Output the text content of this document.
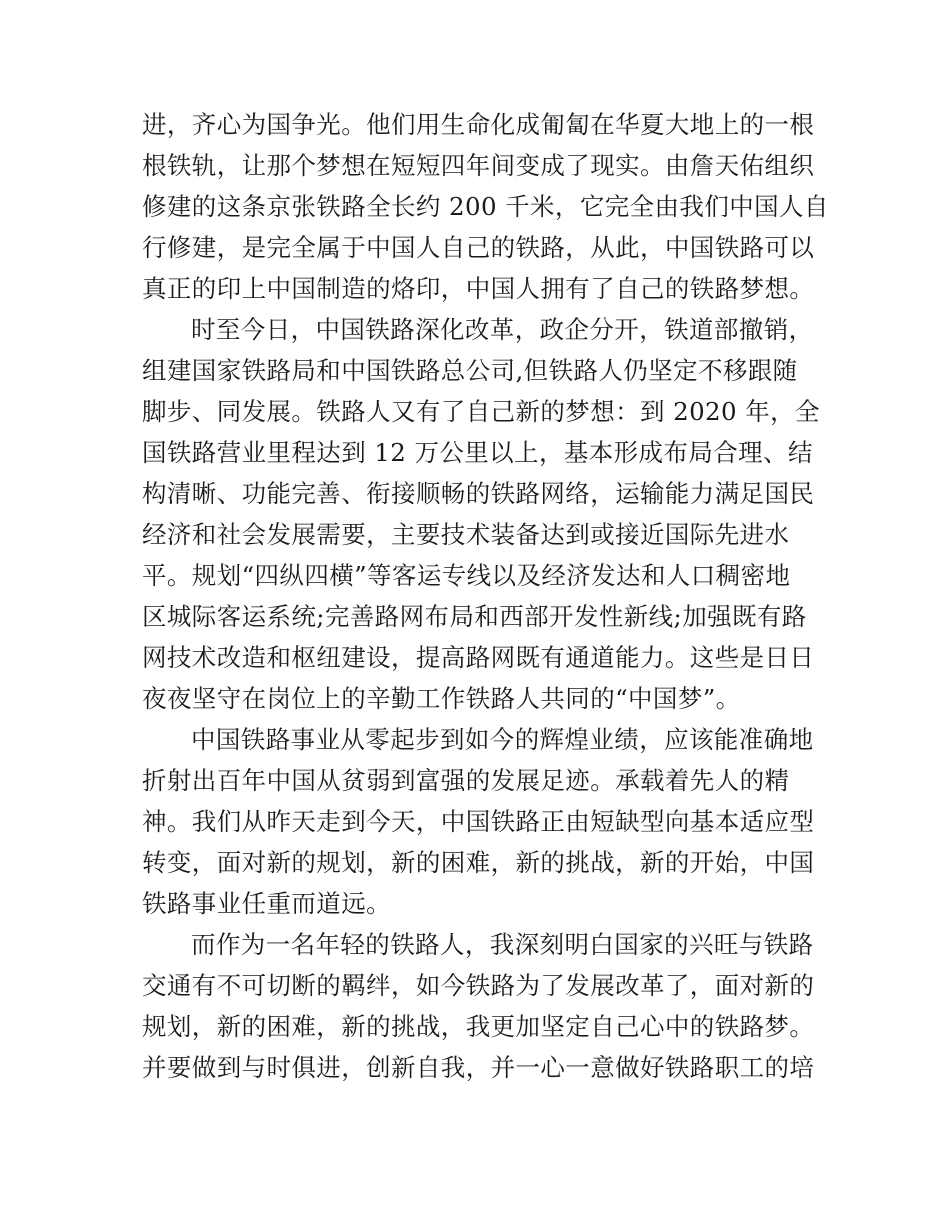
进，齐心为国争光。他们用生命化成匍匐在华夏大地上的一根
根铁轨，让那个梦想在短短四年间变成了现实。由詹天佑组织
修建的这条京张铁路全长约 200 千米，它完全由我们中国人自
行修建，是完全属于中国人自己的铁路，从此，中国铁路可以
真正的印上中国制造的烙印，中国人拥有了自己的铁路梦想。

时至今日，中国铁路深化改革，政企分开，铁道部撤销，
组建国家铁路局和中国铁路总公司,但铁路人仍坚定不移跟随
脚步、同发展。铁路人又有了自己新的梦想：到 2020 年，全
国铁路营业里程达到 12 万公里以上，基本形成布局合理、结
构清晰、功能完善、衔接顺畅的铁路网络，运输能力满足国民
经济和社会发展需要，主要技术装备达到或接近国际先进水
平。规划“四纵四横”等客运专线以及经济发达和人口稠密地
区城际客运系统;完善路网布局和西部开发性新线;加强既有路
网技术改造和枢纽建设，提高路网既有通道能力。这些是日日
夜夜坚守在岗位上的辛勤工作铁路人共同的“中国梦”。

中国铁路事业从零起步到如今的辉煌业绩，应该能准确地
折射出百年中国从贫弱到富强的发展足迹。承载着先人的精
神。我们从昨天走到今天，中国铁路正由短缺型向基本适应型
转变，面对新的规划，新的困难，新的挑战，新的开始，中国
铁路事业任重而道远。

而作为一名年轻的铁路人，我深刻明白国家的兴旺与铁路
交通有不可切断的羁绊，如今铁路为了发展改革了，面对新的
规划，新的困难，新的挑战，我更加坚定自己心中的铁路梦。
并要做到与时俱进，创新自我，并一心一意做好铁路职工的培
